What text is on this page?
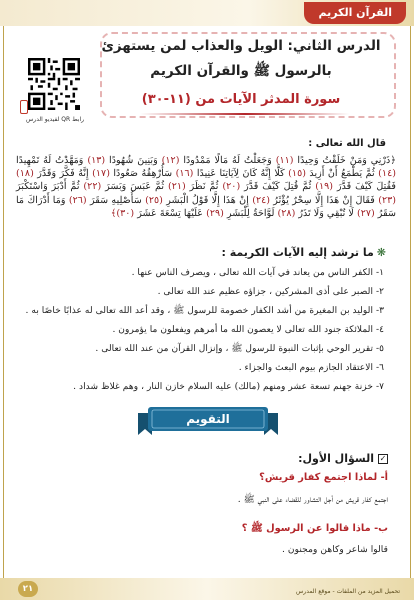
القرآن الكريم
الدرس الثاني: الويل والعذاب لمن يستهزئ
بالرسول ﷺ والقرآن الكريم
سورة المدثر الآيات من (١١-٣٠)
رابط QR لفيديو الدرس
قال الله تعالى :
﴿ذَرْنِي وَمَنْ خَلَقْتُ وَحِيدًا (١١) وَجَعَلْتُ لَهُ مَالًا مَمْدُودًا (١٢) وَبَنِينَ شُهُودًا (١٣) وَمَهَّدْتُ لَهُ تَمْهِيدًا (١٤) ثُمَّ يَطْمَعُ أَنْ أَزِيدَ (١٥) كَلَّا إِنَّهُ كَانَ لِآيَاتِنَا عَنِيدًا (١٦) سَأُرْهِقُهُ صَعُودًا (١٧) إِنَّهُ فَكَّرَ وَقَدَّرَ (١٨) فَقُتِلَ كَيْفَ قَدَّرَ (١٩) ثُمَّ قُتِلَ كَيْفَ قَدَّرَ (٢٠) ثُمَّ نَظَرَ (٢١) ثُمَّ عَبَسَ وَبَسَرَ (٢٢) ثُمَّ أَدْبَرَ وَاسْتَكْبَرَ (٢٣) فَقَالَ إِنْ هَذَا إِلَّا سِحْرٌ يُؤْثَرُ (٢٤) إِنْ هَذَا إِلَّا قَوْلُ الْبَشَرِ (٢٥) سَأُصْلِيهِ سَقَرَ (٢٦) وَمَا أَدْرَاكَ مَا سَقَرُ (٢٧) لَا تُبْقِي وَلَا تَذَرُ (٢٨) لَوَّاحَةٌ لِلْبَشَرِ (٢٩) عَلَيْهَا تِسْعَةَ عَشَرَ (٣٠)﴾
❋ما ترشد إليه الآيات الكريمة :
١- الكفر الناس من يعاند في آيات الله تعالى ، ويصرف الناس عنها .
٢- الصبر على أذى المشركين ، جزاؤه عظيم عند الله تعالى .
٣- الوليد بن المغيرة من أشد الكفار خصومة للرسول ﷺ ، وقد أعد الله تعالى له عذابًا خاصًا به .
٤- الملائكة جنود الله تعالى لا يعصون الله ما أمرهم ويفعلون ما يؤمرون .
٥- تقرير الوحي بإثبات النبوة للرسول ﷺ ، وإنزال القرآن من عند الله تعالى .
٦- الاعتقاد الجازم بيوم البعث والجزاء .
٧- خزنة جهنم تسعة عشر ومنهم (مالك) عليه السلام خازن النار ، وهم غلاظ شداد .
التقويم
✓السؤال الأول:
أ- لماذا اجتمع كفار قريش؟
اجتمع كفار قريش من أجل التشاور للقضاء على النبي ﷺ .
ب- ماذا قالوا عن الرسول ﷺ ؟
قالوا شاعر وكاهن ومجنون .
تحميل المزيد من الملفات - موقع المدرس
٢١
